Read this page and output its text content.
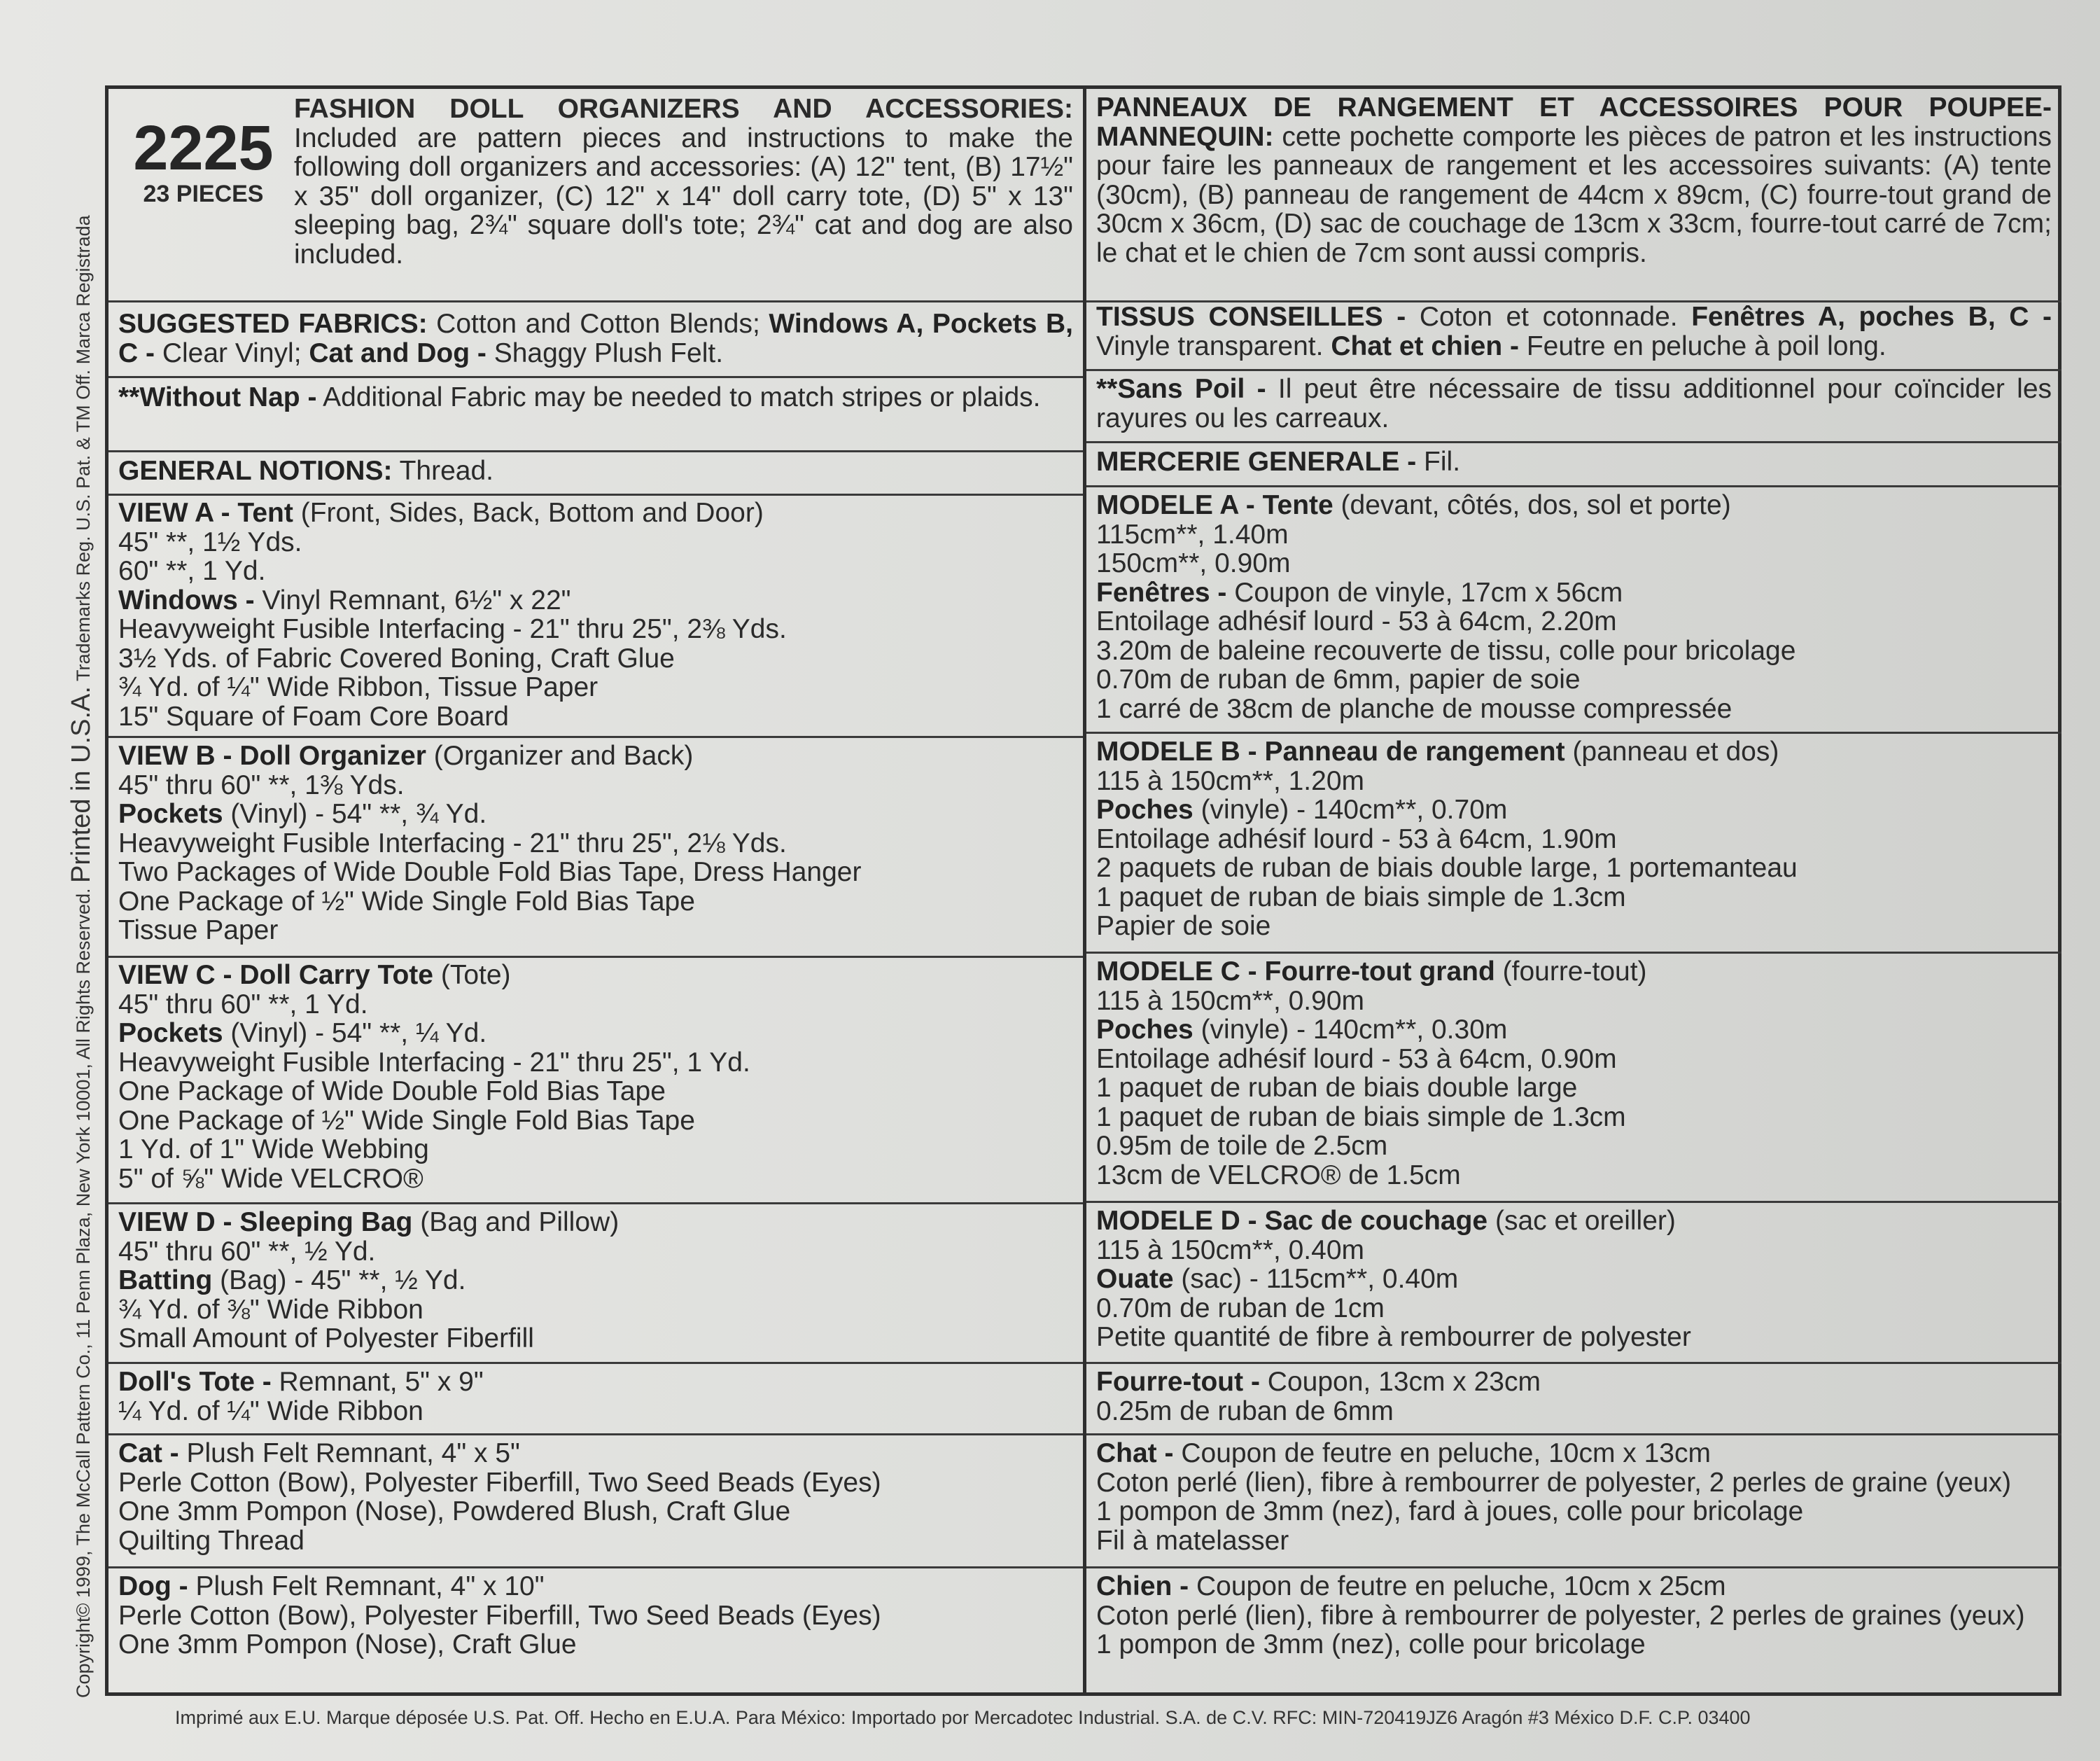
Copyright© 1999, The McCall Pattern Co., 11 Penn Plaza, New York 10001, All Rights Reserved. Printed in U.S.A. Trademarks Reg. U.S. Pat. & TM Off. Marca Registrada
2225
23 PIECES
FASHION DOLL ORGANIZERS AND ACCESSORIES: Included are pattern pieces and instructions to make the following doll organizers and accessories: (A) 12" tent, (B) 17½" x 35" doll organizer, (C) 12" x 14" doll carry tote, (D) 5" x 13" sleeping bag, 2¾" square doll's tote; 2¾" cat and dog are also included.
SUGGESTED FABRICS: Cotton and Cotton Blends; Windows A, Pockets B, C - Clear Vinyl; Cat and Dog - Shaggy Plush Felt.
**Without Nap - Additional Fabric may be needed to match stripes or plaids.
GENERAL NOTIONS: Thread.
VIEW A - Tent (Front, Sides, Back, Bottom and Door)
45" **, 1½ Yds.
60" **, 1 Yd.
Windows - Vinyl Remnant, 6½" x 22"
Heavyweight Fusible Interfacing - 21" thru 25", 2⅜ Yds.
3½ Yds. of Fabric Covered Boning, Craft Glue
¾ Yd. of ¼" Wide Ribbon, Tissue Paper
15" Square of Foam Core Board
VIEW B - Doll Organizer (Organizer and Back)
45" thru 60" **, 1⅜ Yds.
Pockets (Vinyl) - 54" **, ¾ Yd.
Heavyweight Fusible Interfacing - 21" thru 25", 2⅛ Yds.
Two Packages of Wide Double Fold Bias Tape, Dress Hanger
One Package of ½" Wide Single Fold Bias Tape
Tissue Paper
VIEW C - Doll Carry Tote (Tote)
45" thru 60" **, 1 Yd.
Pockets (Vinyl) - 54" **, ¼ Yd.
Heavyweight Fusible Interfacing - 21" thru 25", 1 Yd.
One Package of Wide Double Fold Bias Tape
One Package of ½" Wide Single Fold Bias Tape
1 Yd. of 1" Wide Webbing
5" of ⅝" Wide VELCRO®
VIEW D - Sleeping Bag (Bag and Pillow)
45" thru 60" **, ½ Yd.
Batting (Bag) - 45" **, ½ Yd.
¾ Yd. of ⅜" Wide Ribbon
Small Amount of Polyester Fiberfill
Doll's Tote - Remnant, 5" x 9"
¼ Yd. of ¼" Wide Ribbon
Cat - Plush Felt Remnant, 4" x 5"
Perle Cotton (Bow), Polyester Fiberfill, Two Seed Beads (Eyes)
One 3mm Pompon (Nose), Powdered Blush, Craft Glue
Quilting Thread
Dog - Plush Felt Remnant, 4" x 10"
Perle Cotton (Bow), Polyester Fiberfill, Two Seed Beads (Eyes)
One 3mm Pompon (Nose), Craft Glue
PANNEAUX DE RANGEMENT ET ACCESSOIRES POUR POUPEE-MANNEQUIN: cette pochette comporte les pièces de patron et les instructions pour faire les panneaux de rangement et les accessoires suivants: (A) tente (30cm), (B) panneau de rangement de 44cm x 89cm, (C) fourre-tout grand de 30cm x 36cm, (D) sac de couchage de 13cm x 33cm, fourre-tout carré de 7cm; le chat et le chien de 7cm sont aussi compris.
TISSUS CONSEILLES - Coton et cotonnade. Fenêtres A, poches B, C - Vinyle transparent. Chat et chien - Feutre en peluche à poil long.
**Sans Poil - Il peut être nécessaire de tissu additionnel pour coïncider les rayures ou les carreaux.
MERCERIE GENERALE - Fil.
MODELE A - Tente (devant, côtés, dos, sol et porte)
115cm**, 1.40m
150cm**, 0.90m
Fenêtres - Coupon de vinyle, 17cm x 56cm
Entoilage adhésif lourd - 53 à 64cm, 2.20m
3.20m de baleine recouverte de tissu, colle pour bricolage
0.70m de ruban de 6mm, papier de soie
1 carré de 38cm de planche de mousse compressée
MODELE B - Panneau de rangement (panneau et dos)
115 à 150cm**, 1.20m
Poches (vinyle) - 140cm**, 0.70m
Entoilage adhésif lourd - 53 à 64cm, 1.90m
2 paquets de ruban de biais double large, 1 portemanteau
1 paquet de ruban de biais simple de 1.3cm
Papier de soie
MODELE C - Fourre-tout grand (fourre-tout)
115 à 150cm**, 0.90m
Poches (vinyle) - 140cm**, 0.30m
Entoilage adhésif lourd - 53 à 64cm, 0.90m
1 paquet de ruban de biais double large
1 paquet de ruban de biais simple de 1.3cm
0.95m de toile de 2.5cm
13cm de VELCRO® de 1.5cm
MODELE D - Sac de couchage (sac et oreiller)
115 à 150cm**, 0.40m
Ouate (sac) - 115cm**, 0.40m
0.70m de ruban de 1cm
Petite quantité de fibre à rembourrer de polyester
Fourre-tout - Coupon, 13cm x 23cm
0.25m de ruban de 6mm
Chat - Coupon de feutre en peluche, 10cm x 13cm
Coton perlé (lien), fibre à rembourrer de polyester, 2 perles de graine (yeux)
1 pompon de 3mm (nez), fard à joues, colle pour bricolage
Fil à matelasser
Chien - Coupon de feutre en peluche, 10cm x 25cm
Coton perlé (lien), fibre à rembourrer de polyester, 2 perles de graines (yeux)
1 pompon de 3mm (nez), colle pour bricolage
Imprimé aux E.U. Marque déposée U.S. Pat. Off. Hecho en E.U.A. Para México: Importado por Mercadotec Industrial. S.A. de C.V. RFC: MIN-720419JZ6 Aragón #3 México D.F. C.P. 03400
